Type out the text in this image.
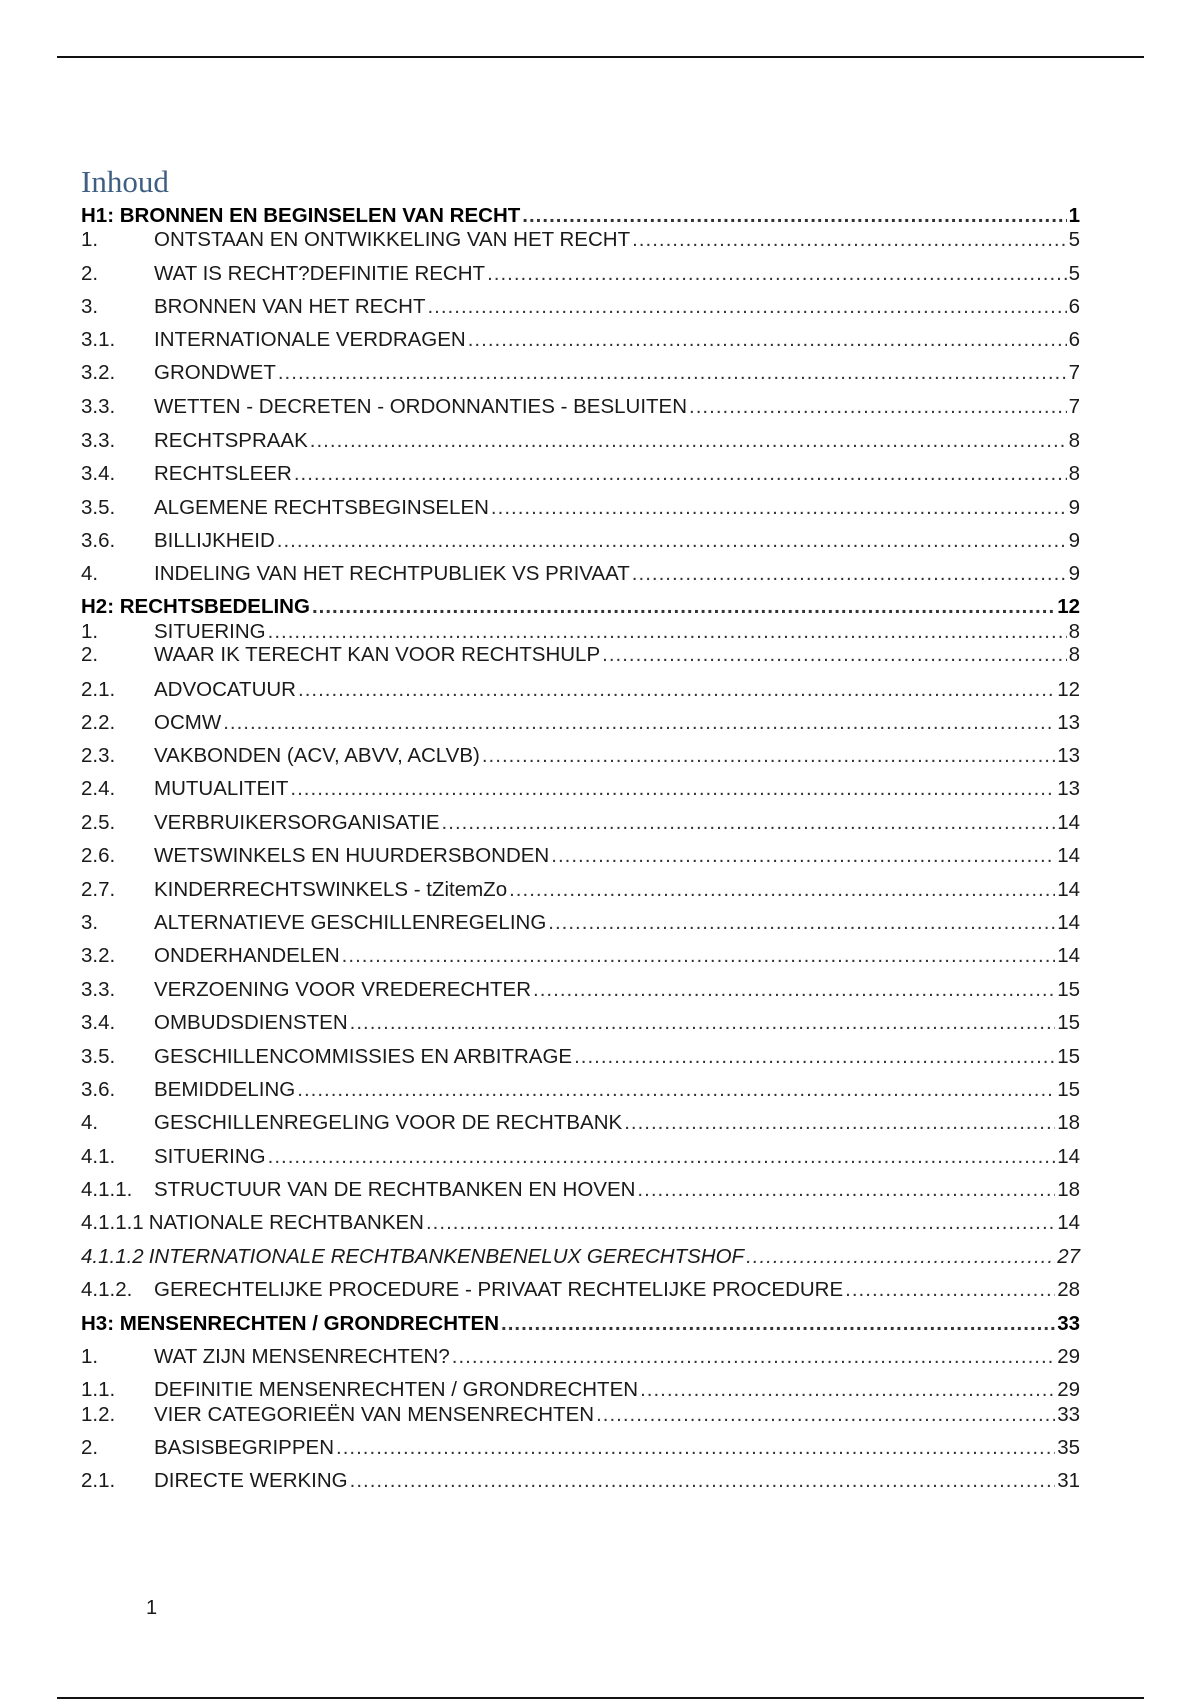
Inhoud
H1: BRONNEN EN BEGINSELEN VAN RECHT .....	1
1.	ONTSTAAN EN ONTWIKKELING VAN HET RECHT .....	5
2.	WAT IS RECHT?DEFINITIE RECHT .....	5
3.	BRONNEN VAN HET RECHT .....	6
3.1.	INTERNATIONALE VERDRAGEN .....	6
3.2.	GRONDWET .....	7
3.3.	WETTEN - DECRETEN - ORDONNANTIES - BESLUITEN .....	7
3.3.	RECHTSPRAAK .....	8
3.4.	RECHTSLEER .....	8
3.5.	ALGEMENE RECHTSBEGINSELEN .....	9
3.6.	BILLIJKHEID .....	9
4.	INDELING VAN HET RECHTPUBLIEK VS PRIVAAT .....	9
H2: RECHTSBEDELING .....	12
1.	SITUERING .....	8
2.	WAAR IK TERECHT KAN VOOR RECHTSHULP .....	8
2.1.	ADVOCATUUR .....	12
2.2.	OCMW .....	13
2.3.	VAKBONDEN (ACV, ABVV, ACLVB) .....	13
2.4.	MUTUALITEIT .....	13
2.5.	VERBRUIKERSORGANISATIE .....	14
2.6.	WETSWINKELS EN HUURDERSBONDEN .....	14
2.7.	KINDERRECHTSWINKELS - tZitemZo .....	14
3.	ALTERNATIEVE GESCHILLENREGELING .....	14
3.2.	ONDERHANDELEN .....	14
3.3.	VERZOENING VOOR VREDERECHTER .....	15
3.4.	OMBUDSDIENSTEN .....	15
3.5.	GESCHILLENCOMMISSIES EN ARBITRAGE .....	15
3.6.	BEMIDDELING .....	15
4.	GESCHILLENREGELING VOOR DE RECHTBANK .....	18
4.1.	SITUERING .....	14
4.1.1.	STRUCTUUR VAN DE RECHTBANKEN EN HOVEN .....	18
4.1.1.1 NATIONALE RECHTBANKEN .....	14
4.1.1.2 INTERNATIONALE RECHTBANKENBENELUX GERECHTSHOF .....	27
4.1.2.	GERECHTELIJKE PROCEDURE - PRIVAAT RECHTELIJKE PROCEDURE .....	28
H3: MENSENRECHTEN / GRONDRECHTEN .....	33
1.	WAT ZIJN MENSENRECHTEN? .....	29
1.1.	DEFINITIE MENSENRECHTEN / GRONDRECHTEN .....	29
1.2.	VIER CATEGORIEËN VAN MENSENRECHTEN .....	33
2.	BASISBEGRIPPEN .....	35
2.1.	DIRECTE WERKING .....	31
1
